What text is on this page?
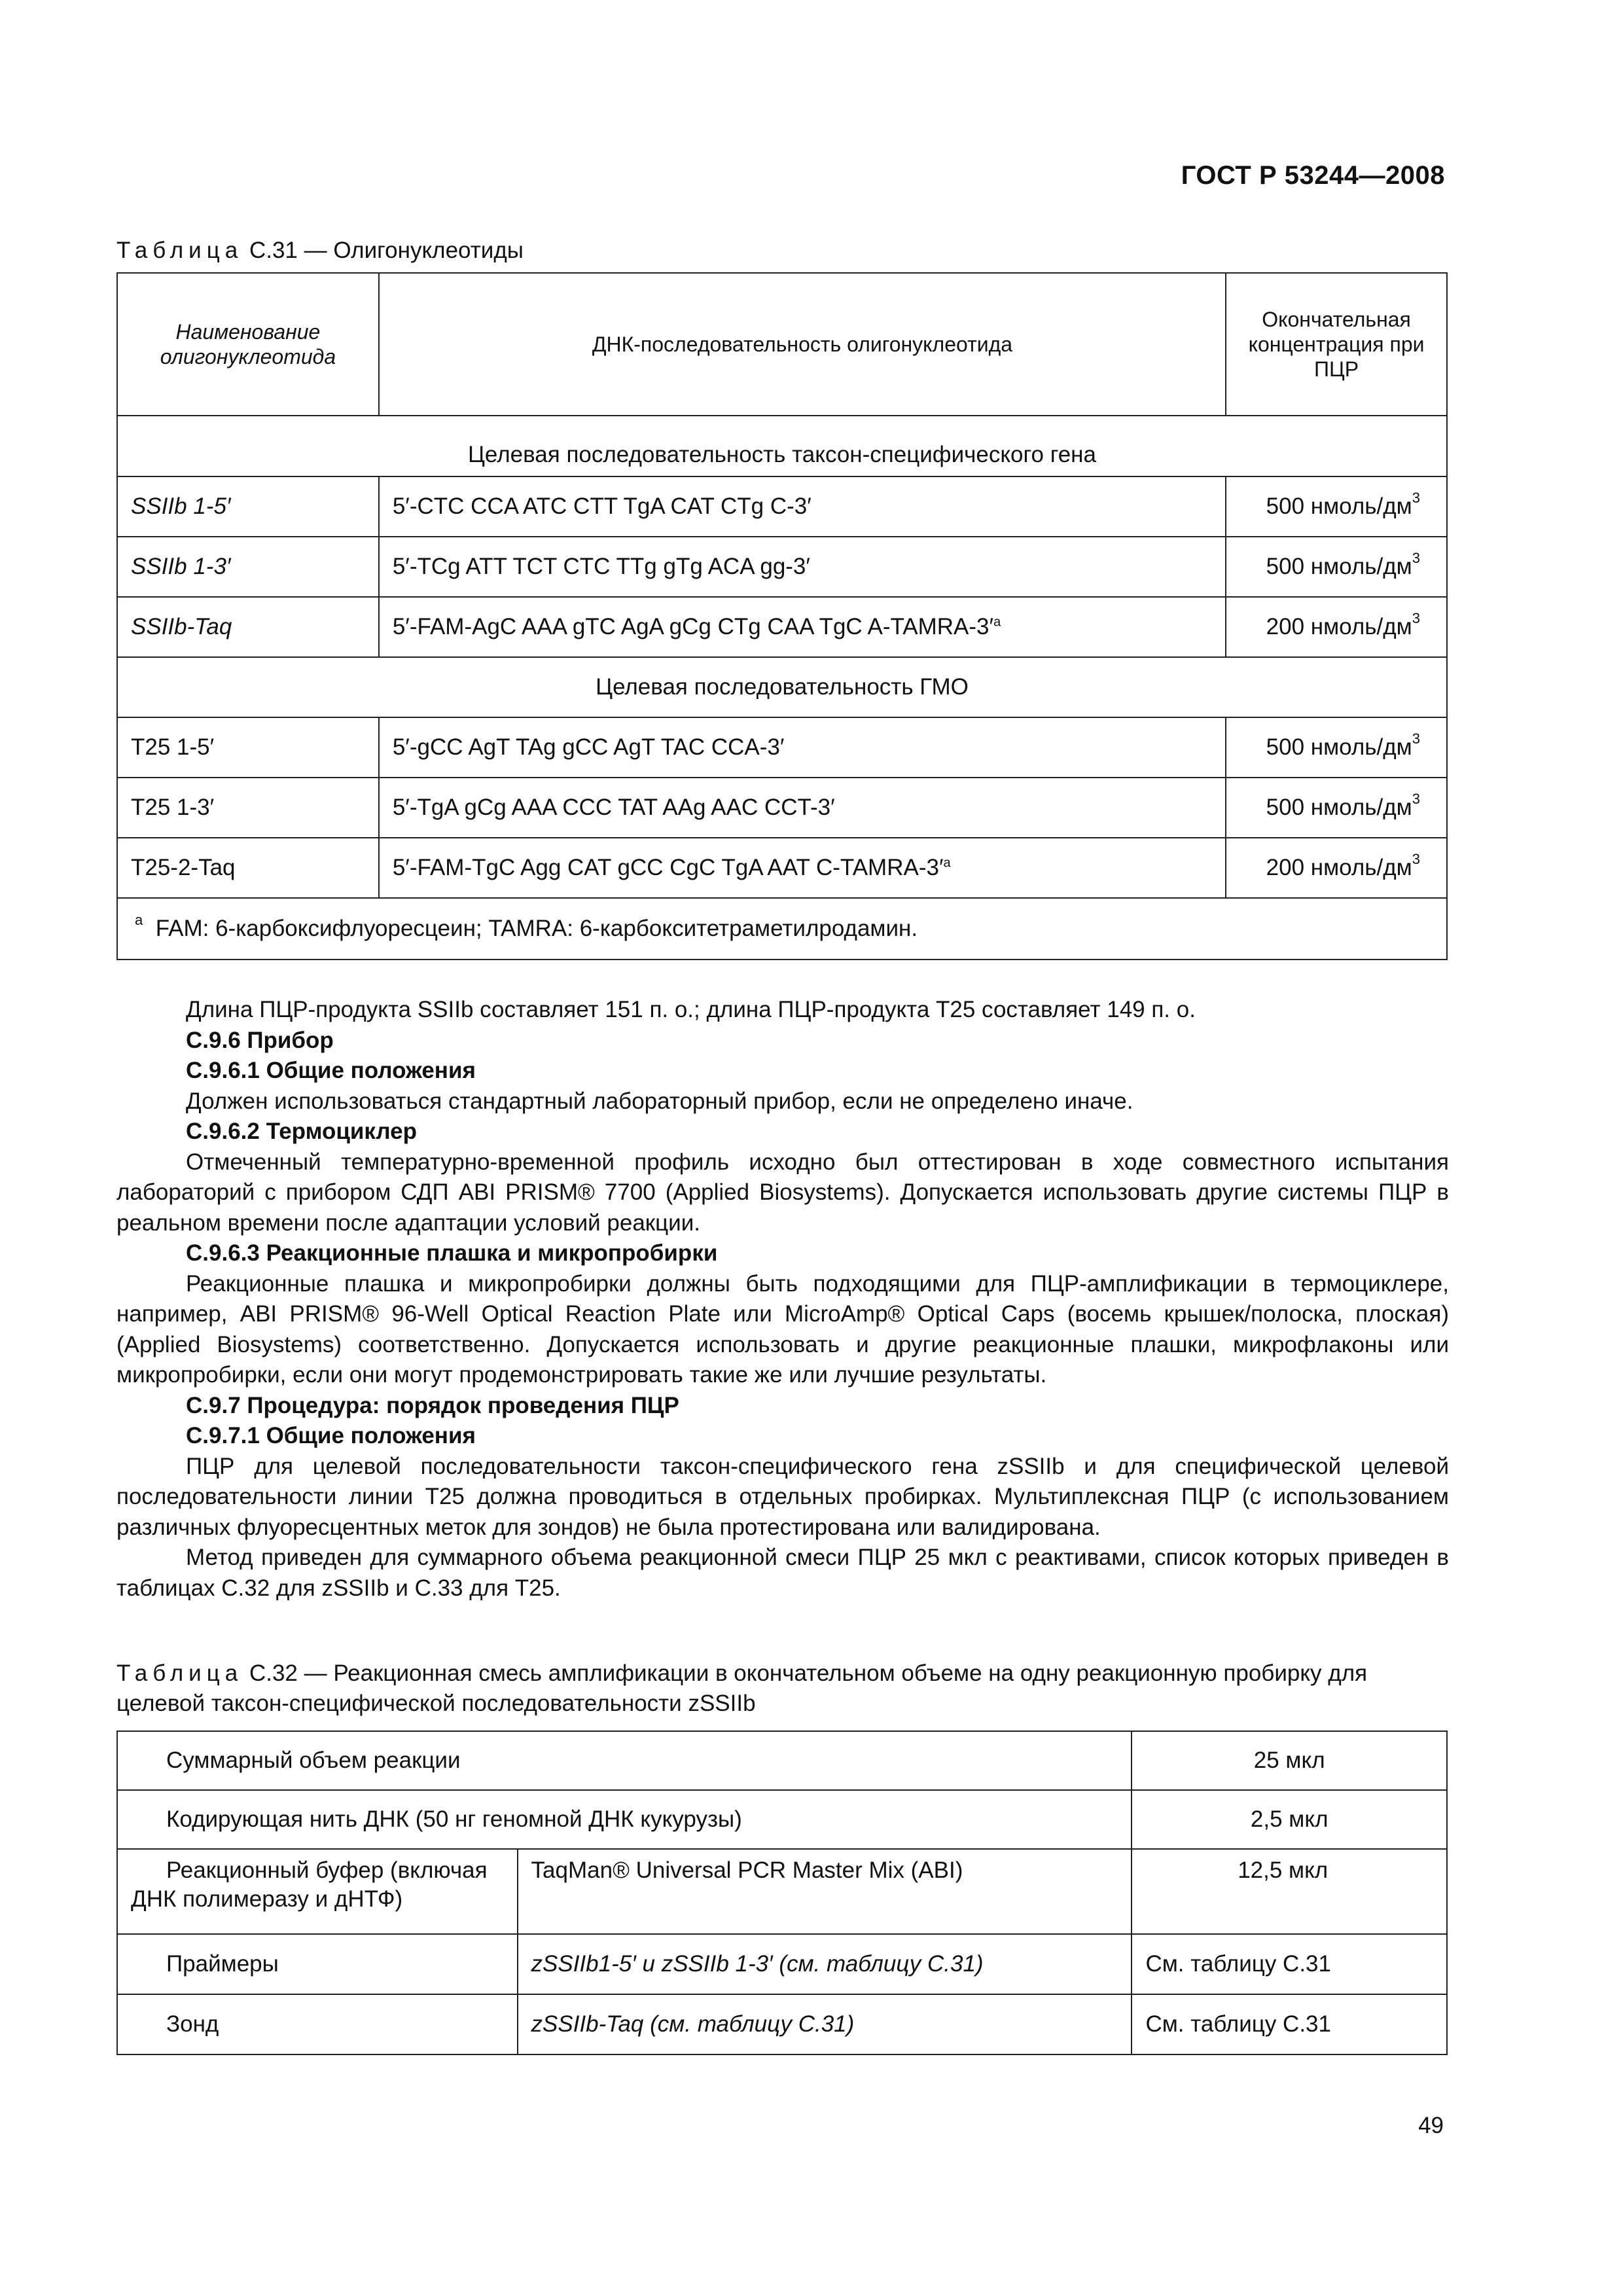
ГОСТ Р 53244—2008
Таблица С.31 — Олигонуклеотиды
Наименование олигонуклеотида	ДНК-последовательность олигонуклеотида	Окончательная концентрация при ПЦР

Целевая последовательность таксон-специфического гена		
SSIIb 1-5′	5′-CTC CCA ATC CTT TgA CAT CTg C-3′	500 нмоль/$дм^3$
SSIIb 1-3′	5′-TCg ATT TCT CTC TTg gTg ACA gg-3′	500 нмоль/$дм^3$
SSIIb-Taq	5′-FAM-AgC AAA gTC AgA gCg CTg CAA TgC $A-TAMRA-3'^a$	200 нмоль/$дм^3$
Целевая последовательность ГМО		
T25 1-5′	5′-gCC AgT TAg gCC AgT TAC CCA-3′	500 нмоль/$дм^3$
T25 1-3′	5′-TgA gCg AAA CCC TAT AAg AAC CCT-3′	500 нмоль/$дм^3$
T25-2-Taq	5′-FAM-TgC Agg CAT gCC CgC TgA AAT $C-TAMRA-3'^a$	200 нмоль/$дм^3$
$^a$ FAM: 6-карбоксифлуоресцеин; TAMRA: 6-карбокситетраметилродамин.		

Длина ПЦР-продукта SSIIb составляет 151 п. о.; длина ПЦР-продукта T25 составляет 149 п. о.

С.9.6 Прибор

С.9.6.1 Общие положения

Должен использоваться стандартный лабораторный прибор, если не определено иначе.

С.9.6.2 Термоциклер

Отмеченный температурно-временной профиль исходно был оттестирован в ходе совместного испытания лабораторий с прибором СДП ABI PRISM® 7700 (Applied Biosystems). Допускается использовать другие системы ПЦР в реальном времени после адаптации условий реакции.

С.9.6.3 Реакционные плашка и микропробирки

Реакционные плашка и микропробирки должны быть подходящими для ПЦР-амплификации в термоциклере, например, ABI PRISM® 96-Well Optical Reaction Plate или MicroAmp® Optical Caps (восемь крышек/полоска, плоская) (Applied Biosystems) соответственно. Допускается использовать и другие реакционные плашки, микрофлаконы или микропробирки, если они могут продемонстрировать такие же или лучшие результаты.

С.9.7 Процедура: порядок проведения ПЦР

С.9.7.1 Общие положения

ПЦР для целевой последовательности таксон-специфического гена zSSIIb и для специфической целевой последовательности линии T25 должна проводиться в отдельных пробирках. Мультиплексная ПЦР (с использованием различных флуоресцентных меток для зондов) не была протестирована или валидирована.

Метод приведен для суммарного объема реакционной смеси ПЦР 25 мкл с реактивами, список которых приведен в таблицах С.32 для zSSIIb и С.33 для T25.

Таблица С.32 — Реакционная смесь амплификации в окончательном объеме на одну реакционную пробирку для целевой таксон-специфической последовательности zSSIIb
Суммарный объем реакции		25 мкл
Кодирующая нить ДНК (50 нг геномной ДНК кукурузы)		2,5 мкл
Реакционный буфер (включая
ДНК полимеразу и дНТФ)	TaqMan® Universal PCR Master Mix (ABI)	12,5 мкл
Праймеры	zSSIIb1-5′ и zSSIIb 1-3′ (см. таблицу С.31)	См. таблицу С.31
Зонд	zSSIIb-Taq (см. таблицу С.31)	См. таблицу С.31
49
